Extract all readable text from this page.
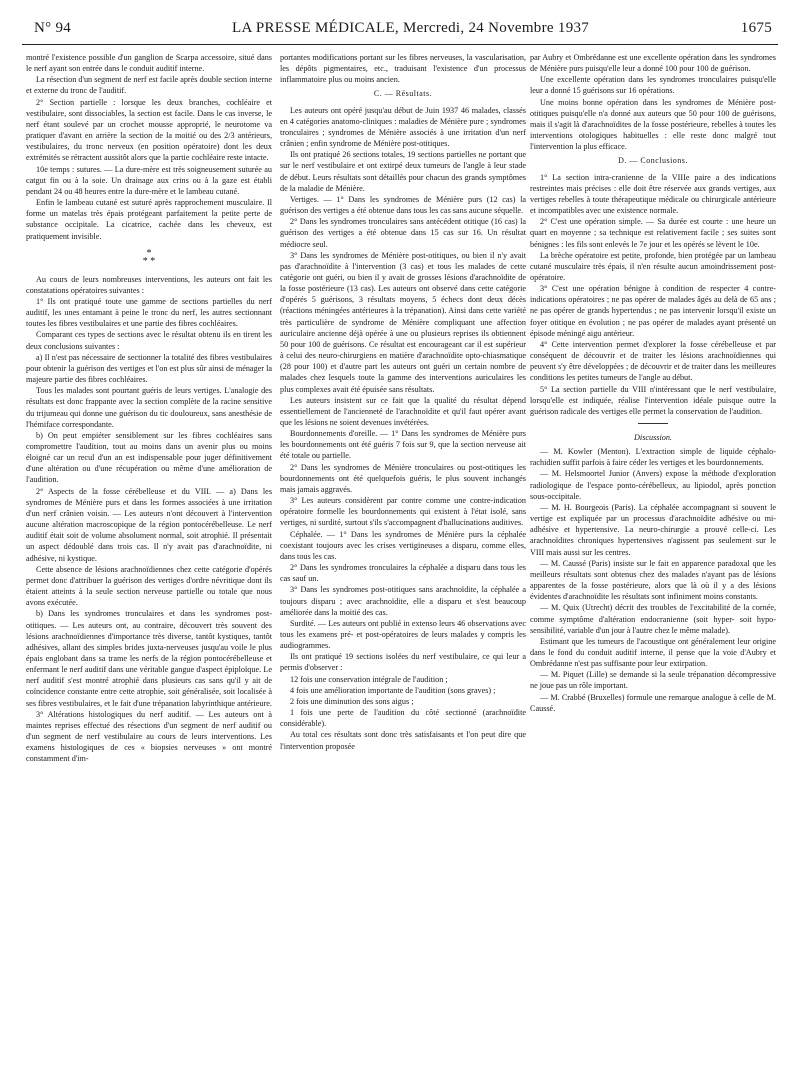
N° 94	LA PRESSE MÉDICALE, Mercredi, 24 Novembre 1937	1675

montré l'existence possible d'un ganglion de Scarpa accessoire, situé dans le nerf ayant son entrée dans le conduit auditif interne.

La résection d'un segment de nerf est facile après double section interne et externe du tronc de l'auditif.

2° Section partielle : lorsque les deux branches, cochléaire et vestibulaire, sont dissociables, la section est facile. Dans le cas inverse, le nerf étant soulevé par un crochet mousse approprié, le neurotome va pratiquer d'avant en arrière la section de la moitié ou des 2/3 antérieurs, vestibulaires, du tronc nerveux (en position opératoire) dont les deux extrémités se rétractent aussitôt alors que la partie cochléaire reste intacte.

10e temps : sutures. — La dure-mère est très soigneusement suturée au catgut fin ou à la soie. Un drainage aux crins ou à la gaze est établi pendant 24 ou 48 heures entre la dure-mère et le lambeau cutané.

Enfin le lambeau cutané est suturé après rapprochement musculaire. Il forme un matelas très épais protégeant parfaitement la petite perte de substance occipitale. La cicatrice, cachée dans les cheveux, est pratiquement invisible.

*
* *

Au cours de leurs nombreuses interventions, les auteurs ont fait les constatations opératoires suivantes :

1° Ils ont pratiqué toute une gamme de sections partielles du nerf auditif, les unes entamant à peine le tronc du nerf, les autres sectionnant toutes les fibres vestibulaires et une partie des fibres cochléaires.

Comparant ces types de sections avec le résultat obtenu ils en tirent les deux conclusions suivantes :

a) Il n'est pas nécessaire de sectionner la totalité des fibres vestibulaires pour obtenir la guérison des vertiges et l'on est plus sûr ainsi de ménager la majeure partie des fibres cochléaires.

Tous les malades sont pourtant guéris de leurs vertiges. L'analogie des résultats est donc frappante avec la section complète de la racine sensitive du trijumeau qui donne une guérison du tic douloureux, sans anesthésie de l'hémiface correspondante.

b) On peut empiéter sensiblement sur les fibres cochléaires sans compromettre l'audition, tout au moins dans un avenir plus ou moins éloigné car un recul d'un an est indispensable pour juger définitivement d'une altération ou d'une récupération ou même d'une amélioration de l'audition.

2° Aspects de la fosse cérébelleuse et du VIII. — a) Dans les syndromes de Ménière purs et dans les formes associées à une irritation d'un nerf crânien voisin. — Les auteurs n'ont découvert à l'intervention aucune altération macroscopique de la région pontocérébelleuse. Le nerf auditif était soit de volume absolument normal, soit atrophié. Il présentait un aspect dédoublé dans trois cas. Il n'y avait pas d'arachnoïdite, ni adhésive, ni kystique.

Cette absence de lésions arachnoïdiennes chez cette catégorie d'opérés permet donc d'attribuer la guérison des vertiges d'ordre névritique dont ils étaient atteints à la seule section nerveuse partielle ou totale que nous avons exécutée.

b) Dans les syndromes tronculaires et dans les syndromes post-otitiques. — Les auteurs ont, au contraire, découvert très souvent des lésions arachnoïdiennes d'importance très diverse, tantôt kystiques, tantôt adhésives, allant des simples brides juxta-nerveuses jusqu'au voile le plus épais englobant dans sa trame les nerfs de la région pontocérébelleuse et enfermant le nerf auditif dans une véritable gangue d'aspect épiploïque. Le nerf auditif s'est montré atrophié dans plusieurs cas sans qu'il y ait de coïncidence constante entre cette atrophie, soit généralisée, soit localisée à ses fibres vestibulaires, et le fait d'une trépanation labyrinthique antérieure.

3° Altérations histologiques du nerf auditif. — Les auteurs ont à maintes reprises effectué des résections d'un segment de nerf auditif ou d'un segment de nerf vestibulaire au cours de leurs interventions. Les examens histologiques de ces « biopsies nerveuses » ont montré constamment d'im-

portantes modifications portant sur les fibres nerveuses, la vascularisation, les dépôts pigmentaires, etc., traduisant l'existence d'un processus inflammatoire plus ou moins ancien.

C. — Résultats.

Les auteurs ont opéré jusqu'au début de Juin 1937 46 malades, classés en 4 catégories anatomo-cliniques : maladies de Ménière pure ; syndromes tronculaires ; syndromes de Ménière associés à une irritation d'un nerf crânien ; enfin syndrome de Ménière post-otitiques.

Ils ont pratiqué 26 sections totales, 19 sections partielles ne portant que sur le nerf vestibulaire et ont extirpé deux tumeurs de l'angle à leur stade de début. Leurs résultats sont détaillés pour chacun des grands symptômes de la maladie de Ménière.

Vertiges. — 1° Dans les syndromes de Ménière purs (12 cas) la guérison des vertiges a été obtenue dans tous les cas sans aucune séquelle.

2° Dans les syndromes tronculaires sans antécédent otitique (16 cas) la guérison des vertiges a été obtenue dans 15 cas sur 16. Un résultat médiocre seul.

3° Dans les syndromes de Ménière post-otitiques, ou bien il n'y avait pas d'arachnoïdite à l'intervention (3 cas) et tous les malades de cette catégorie ont guéri, ou bien il y avait de grosses lésions d'arachnoïdite de la fosse postérieure (13 cas). Les auteurs ont observé dans cette catégorie d'opérés 5 guérisons, 3 résultats moyens, 5 échecs dont deux décès (réactions méningées antérieures à la trépanation). Ainsi dans cette variété très particulière de syndrome de Ménière compliquant une affection auriculaire ancienne déjà opérée à une ou plusieurs reprises ils obtiennent 50 pour 100 de guérisons. Ce résultat est encourageant car il est supérieur à celui des neuro-chirurgiens en matière d'arachnoïdite opto-chiasmatique (28 pour 100) et d'autre part les auteurs ont guéri un certain nombre de malades chez lesquels toute la gamme des interventions auriculaires les plus complexes avait été épuisée sans résultats.

Les auteurs insistent sur ce fait que la qualité du résultat dépend essentiellement de l'ancienneté de l'arachnoïdite et qu'il faut opérer avant que les lésions ne soient devenues invétérées.

Bourdonnements d'oreille. — 1° Dans les syndromes de Ménière purs les bourdonnements ont été guéris 7 fois sur 9, que la section nerveuse ait été totale ou partielle.

2° Dans les syndromes de Ménière tronculaires ou post-otitiques les bourdonnements ont été quelquefois guéris, le plus souvent inchangés mais jamais aggravés.

3° Les auteurs considèrent par contre comme une contre-indication opératoire formelle les bourdonnements qui existent à l'état isolé, sans vertiges, ni surdité, surtout s'ils s'accompagnent d'hallucinations auditives.

Céphalée. — 1° Dans les syndromes de Ménière purs la céphalée coexistant toujours avec les crises vertigineuses a disparu, comme elles, dans tous les cas.

2° Dans les syndromes tronculaires la céphalée a disparu dans tous les cas sauf un.

3° Dans les syndromes post-otitiques sans arachnoïdite, la céphalée a toujours disparu ; avec arachnoïdite, elle a disparu et s'est beaucoup améliorée dans la moitié des cas.

Surdité. — Les auteurs ont publié in extenso leurs 46 observations avec tous les examens pré- et post-opératoires de leurs malades y compris les audiogrammes.

Ils ont pratiqué 19 sections isolées du nerf vestibulaire, ce qui leur a permis d'observer :

12 fois une conservation intégrale de l'audition ;

4 fois une amélioration importante de l'audition (sons graves) ;

2 fois une diminution des sons aigus ;

1 fois une perte de l'audition du côté sectionné (arachnoïdite considérable).

Au total ces résultats sont donc très satisfaisants et l'on peut dire que l'intervention proposée

par Aubry et Ombrédanne est une excellente opération dans les syndromes de Ménière purs puisqu'elle leur a donné 100 pour 100 de guérison.

Une excellente opération dans les syndromes tronculaires puisqu'elle leur a donné 15 guérisons sur 16 opérations.

Une moins bonne opération dans les syndromes de Ménière post-otitiques puisqu'elle n'a donné aux auteurs que 50 pour 100 de guérisons, mais il s'agit là d'arachnoïdites de la fosse postérieure, rebelles à toutes les interventions otologiques habituelles : elle reste donc malgré tout l'intervention la plus efficace.

D. — Conclusions.

1° La section intra-cranienne de la VIIIe paire a des indications restreintes mais précises : elle doit être réservée aux grands vertiges, aux vertiges rebelles à toute thérapeutique médicale ou chirurgicale antérieure et incompatibles avec une existence normale.

2° C'est une opération simple. — Sa durée est courte : une heure un quart en moyenne ; sa technique est relativement facile ; ses suites sont bénignes : les fils sont enlevés le 7e jour et les opérés se lèvent le 10e.

La brèche opératoire est petite, profonde, bien protégée par un lambeau cutané musculaire très épais, il n'en résulte aucun amoindrissement post-opératoire.

3° C'est une opération bénigne à condition de respecter 4 contre-indications opératoires ; ne pas opérer de malades âgés au delà de 65 ans ; ne pas opérer de grands hypertendus ; ne pas intervenir lorsqu'il existe un foyer otitique en évolution ; ne pas opérer de malades ayant présenté un épisode méningé aigu antérieur.

4° Cette intervention permet d'explorer la fosse cérébelleuse et par conséquent de découvrir et de traiter les lésions arachnoïdiennes qui peuvent s'y être développées ; de découvrir et de traiter dans les meilleures conditions les petites tumeurs de l'angle au début.

5° La section partielle du VIII n'intéressant que le nerf vestibulaire, lorsqu'elle est indiquée, réalise l'intervention idéale puisque outre la guérison radicale des vertiges elle permet la conservation de l'audition.

Discussion.

— M. Kowler (Menton). L'extraction simple de liquide céphalo-rachidien suffit parfois à faire céder les vertiges et les bourdonnements.

— M. Helsmoortel Junior (Anvers) expose la méthode d'exploration radiologique de l'espace ponto-cérébelleux, au lipiodol, après ponction sous-occipitale.

— M. H. Bourgeois (Paris). La céphalée accompagnant si souvent le vertige est expliquée par un processus d'arachnoïdite adhésive ou mi-adhésive et hypertensive. La neuro-chirurgie a prouvé celle-ci. Les arachnoïdites chroniques hypertensives n'agissent pas seulement sur le VIII mais aussi sur les centres.

— M. Caussé (Paris) insiste sur le fait en apparence paradoxal que les meilleurs résultats sont obtenus chez des malades n'ayant pas de lésions apparentes de la fosse postérieure, alors que là où il y a des lésions évidentes d'arachnoïdite les résultats sont infiniment moins constants.

— M. Quix (Utrecht) décrit des troubles de l'excitabilité de la cornée, comme symptôme d'altération endocranienne (soit hyper- soit hypo-sensibilité, variable d'un jour à l'autre chez le même malade).

Estimant que les tumeurs de l'acoustique ont généralement leur origine dans le fond du conduit auditif interne, il pense que la voie d'Aubry et Ombrédanne n'est pas suffisante pour leur extirpation.

— M. Piquet (Lille) se demande si la seule trépanation décompressive ne joue pas un rôle important.

— M. Crabbé (Bruxelles) formule une remarque analogue à celle de M. Caussé.
